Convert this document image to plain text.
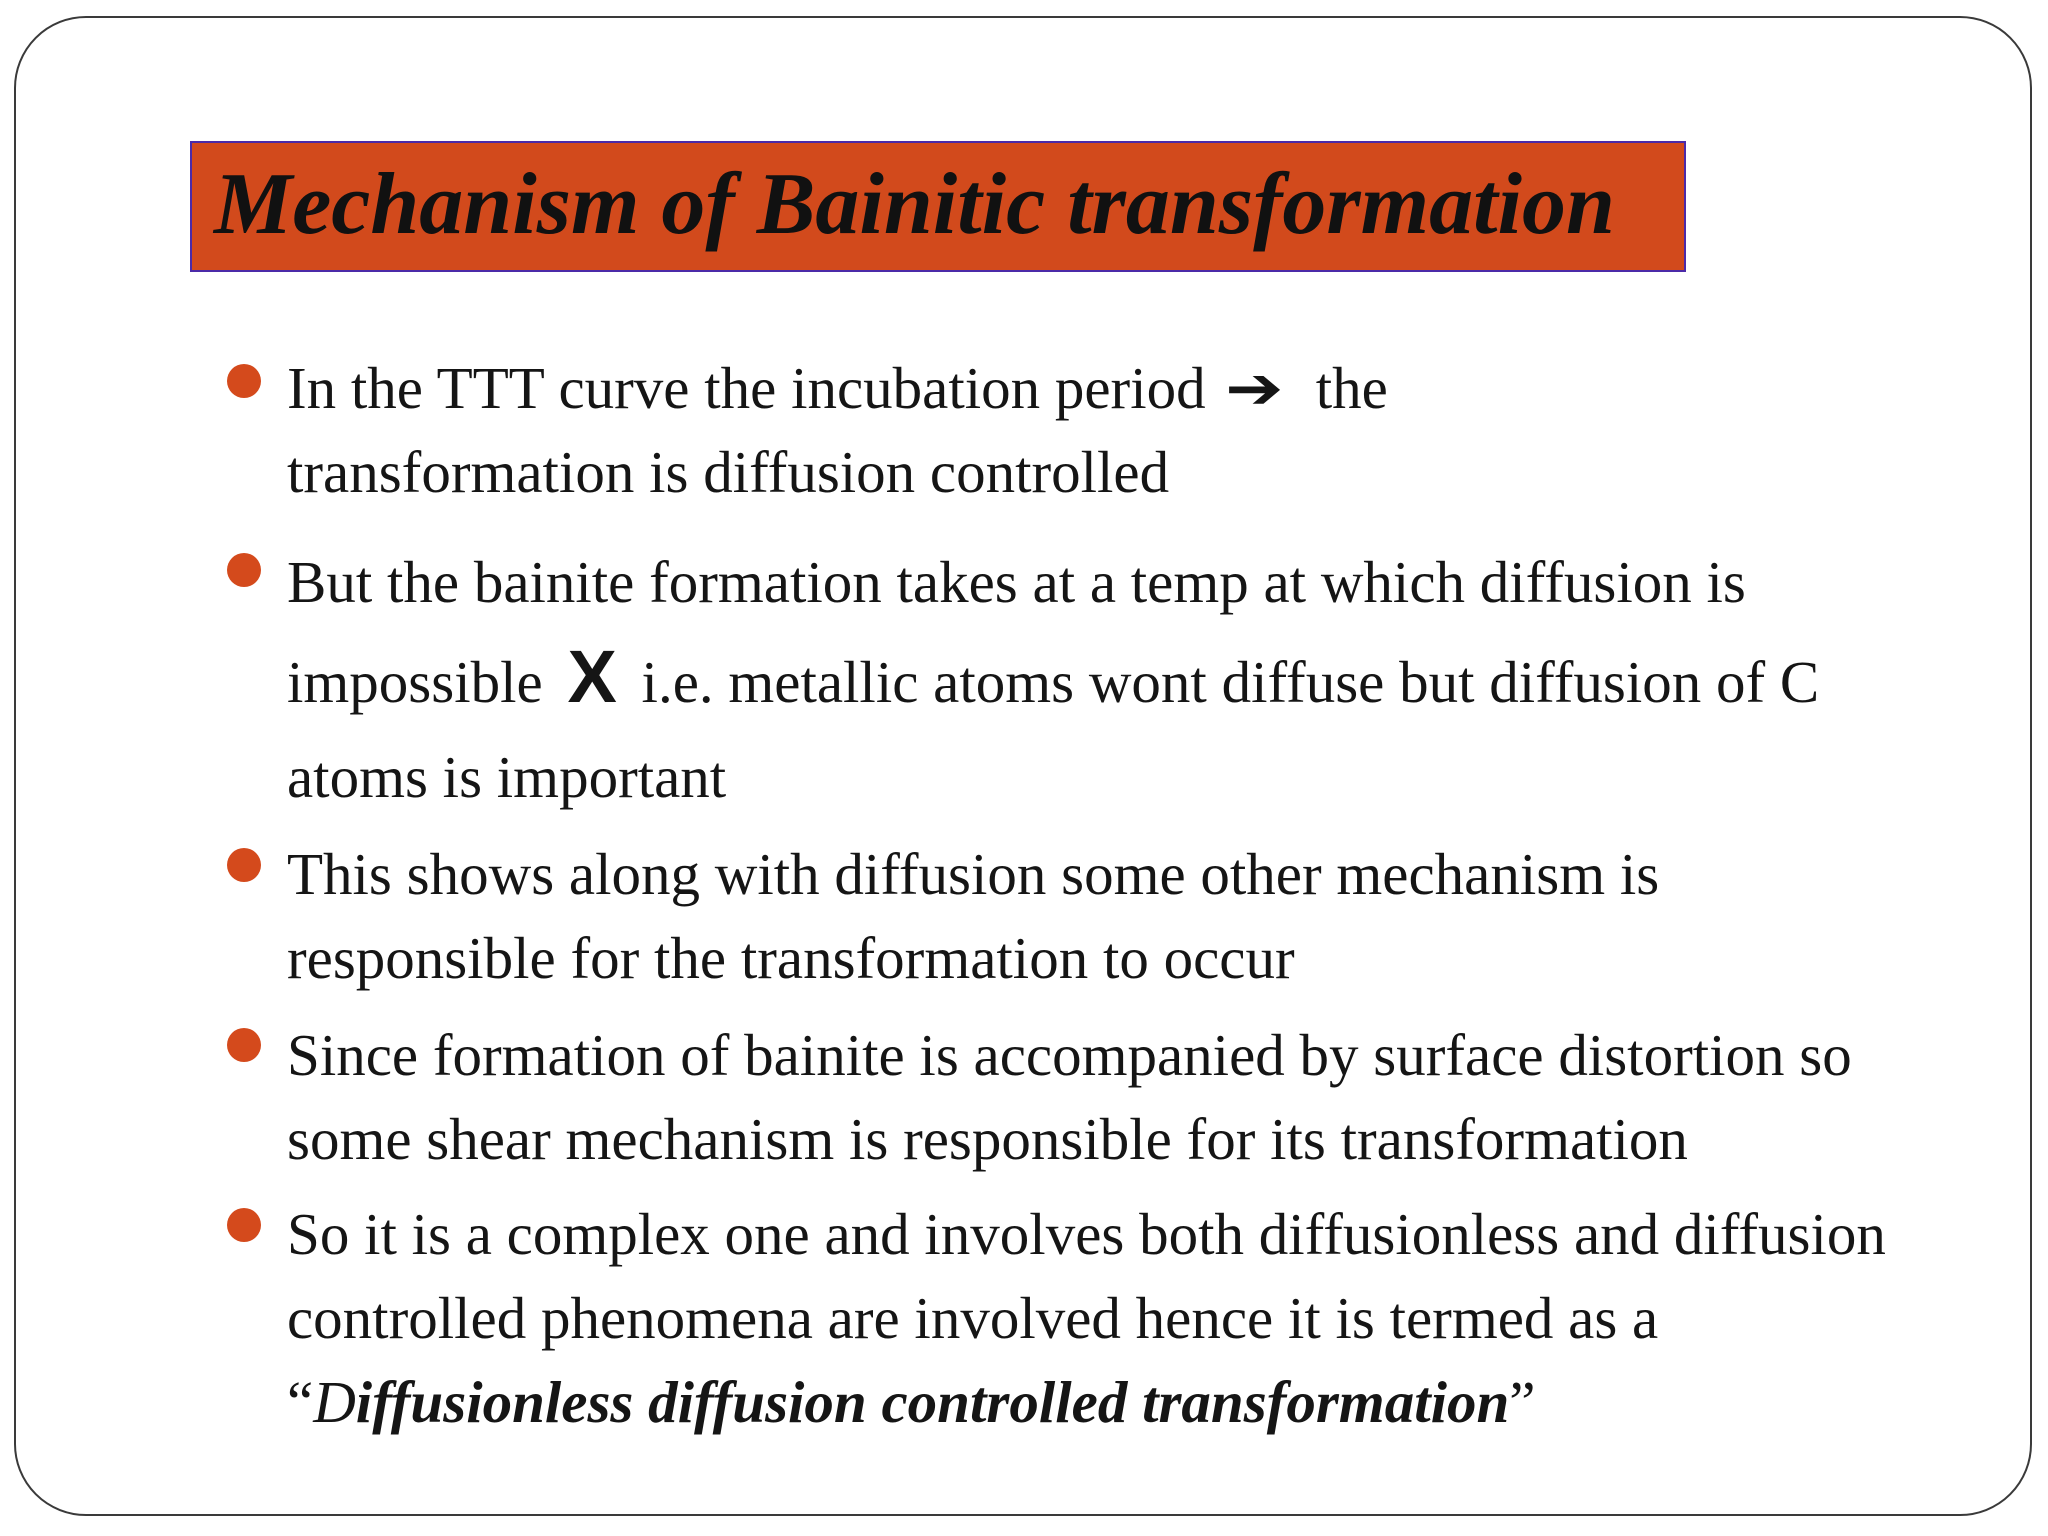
Mechanism of Bainitic transformation
In the TTT curve the incubation period ➔ the
transformation is diffusion controlled
But the bainite formation takes at a temp at which diffusion is
impossible X i.e. metallic atoms wont diffuse but diffusion of C
atoms is important
This shows along with diffusion some other mechanism is
responsible for the transformation to occur
Since formation of bainite is accompanied by surface distortion so
some shear mechanism is responsible for its transformation
So it is a complex one and involves both diffusionless and diffusion
controlled phenomena are involved hence it is termed as a
“Diffusionless diffusion controlled transformation”
